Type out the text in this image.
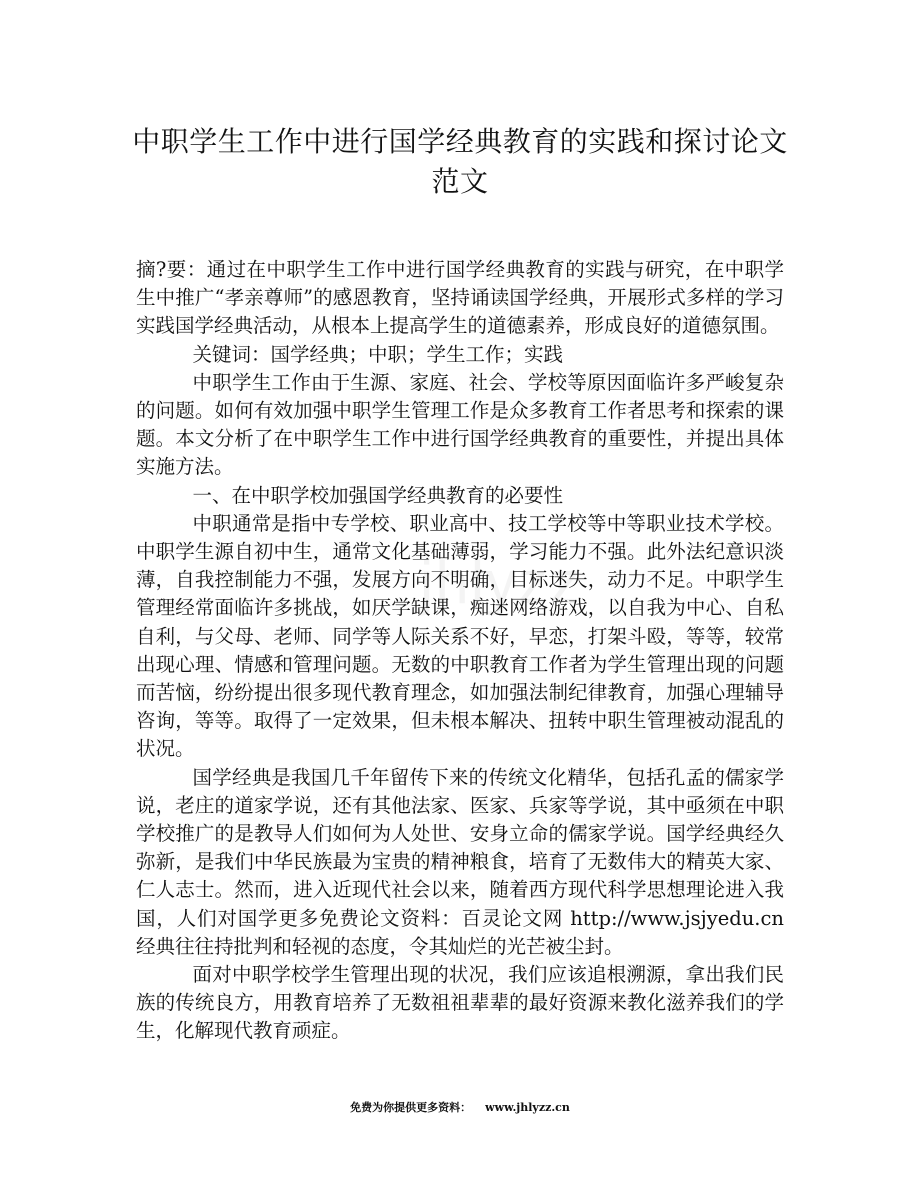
中职学生工作中进行国学经典教育的实践和探讨论文范文

摘?要：通过在中职学生工作中进行国学经典教育的实践与研究，在中职学生中推广“孝亲尊师”的感恩教育，坚持诵读国学经典，开展形式多样的学习实践国学经典活动，从根本上提高学生的道德素养，形成良好的道德氛围。

关键词：国学经典；中职；学生工作；实践

中职学生工作由于生源、家庭、社会、学校等原因面临许多严峻复杂的问题。如何有效加强中职学生管理工作是众多教育工作者思考和探索的课题。本文分析了在中职学生工作中进行国学经典教育的重要性，并提出具体实施方法。

一、在中职学校加强国学经典教育的必要性

中职通常是指中专学校、职业高中、技工学校等中等职业技术学校。中职学生源自初中生，通常文化基础薄弱，学习能力不强。此外法纪意识淡薄，自我控制能力不强，发展方向不明确，目标迷失，动力不足。中职学生管理经常面临许多挑战，如厌学缺课，痴迷网络游戏，以自我为中心、自私自利，与父母、老师、同学等人际关系不好，早恋，打架斗殴，等等，较常出现心理、情感和管理问题。无数的中职教育工作者为学生管理出现的问题而苦恼，纷纷提出很多现代教育理念，如加强法制纪律教育，加强心理辅导咨询，等等。取得了一定效果，但未根本解决、扭转中职生管理被动混乱的状况。

国学经典是我国几千年留传下来的传统文化精华，包括孔孟的儒家学说，老庄的道家学说，还有其他法家、医家、兵家等学说，其中亟须在中职学校推广的是教导人们如何为人处世、安身立命的儒家学说。国学经典经久弥新，是我们中华民族最为宝贵的精神粮食，培育了无数伟大的精英大家、仁人志士。然而，进入近现代社会以来，随着西方现代科学思想理论进入我国，人们对国学更多免费论文资料：百灵论文网 http://www.jsjyedu.cn 经典往往持批判和轻视的态度，令其灿烂的光芒被尘封。

面对中职学校学生管理出现的状况，我们应该追根溯源，拿出我们民族的传统良方，用教育培养了无数祖祖辈辈的最好资源来教化滋养我们的学生，化解现代教育顽症。

免费为你提供更多资料： www.jhlyzz.cn
